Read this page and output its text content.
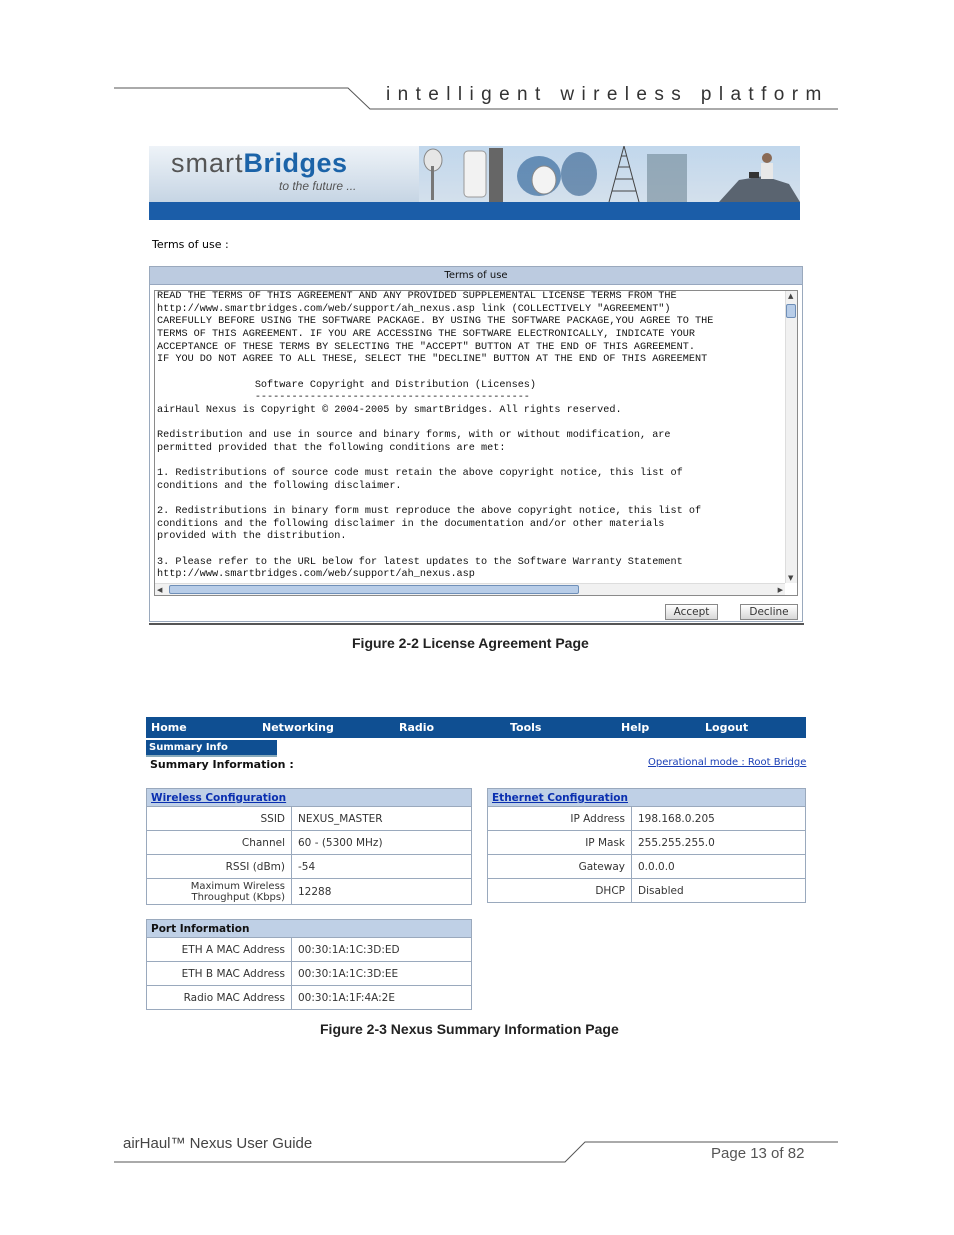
intelligent wireless platform
smartBridges
to the future ...
Terms of use :
Terms of use
READ THE TERMS OF THIS AGREEMENT AND ANY PROVIDED SUPPLEMENTAL LICENSE TERMS FROM THE
http://www.smartbridges.com/web/support/ah_nexus.asp link (COLLECTIVELY "AGREEMENT")
CAREFULLY BEFORE USING THE SOFTWARE PACKAGE. BY USING THE SOFTWARE PACKAGE,YOU AGREE TO THE
TERMS OF THIS AGREEMENT. IF YOU ARE ACCESSING THE SOFTWARE ELECTRONICALLY, INDICATE YOUR
ACCEPTANCE OF THESE TERMS BY SELECTING THE "ACCEPT" BUTTON AT THE END OF THIS AGREEMENT.
IF YOU DO NOT AGREE TO ALL THESE, SELECT THE "DECLINE" BUTTON AT THE END OF THIS AGREEMENT

Software Copyright and Distribution (Licenses)
---------------------------------------------
airHaul Nexus is Copyright © 2004-2005 by smartBridges. All rights reserved.

Redistribution and use in source and binary forms, with or without modification, are
permitted provided that the following conditions are met:

1. Redistributions of source code must retain the above copyright notice, this list of
conditions and the following disclaimer.

2. Redistributions in binary form must reproduce the above copyright notice, this list of
conditions and the following disclaimer in the documentation and/or other materials
provided with the distribution.

3. Please refer to the URL below for latest updates to the Software Warranty Statement
http://www.smartbridges.com/web/support/ah_nexus.asp
▲
▼
◀	▶
Accept	Decline
Figure 2-2 License Agreement Page
Home	Networking	Radio	Tools	Help	Logout
Summary Info
Summary Information :	Operational mode : Root Bridge
Wireless Configuration	
SSID	NEXUS_MASTER
Channel	60 - (5300 MHz)
RSSI (dBm)	-54
Maximum Wireless Throughput (Kbps)	12288
Ethernet Configuration	
IP Address	198.168.0.205
IP Mask	255.255.255.0
Gateway	0.0.0.0
DHCP	Disabled
Port Information	
ETH A MAC Address	00:30:1A:1C:3D:ED
ETH B MAC Address	00:30:1A:1C:3D:EE
Radio MAC Address	00:30:1A:1F:4A:2E
Figure 2-3 Nexus Summary Information Page
airHaul™ Nexus User Guide
Page 13 of 82
